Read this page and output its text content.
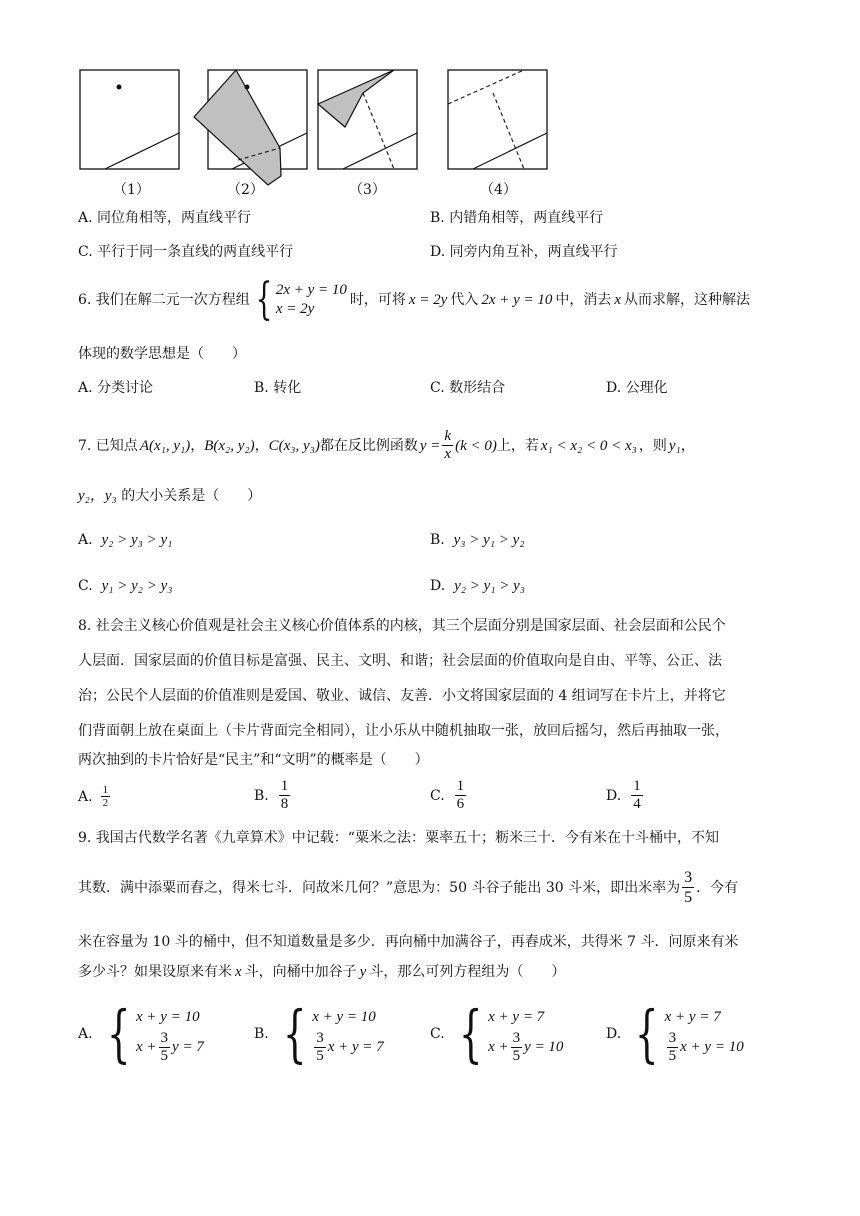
（1）	（2）	（3）	（4）
A. 同位角相等，两直线平行	B. 内错角相等，两直线平行
C. 平行于同一条直线的两直线平行	D. 同旁内角互补，两直线平行
6. 我们在解二元一次方程组 { 2x + y = 10
x = 2y
时，可将 x = 2y 代入 2x + y = 10 中，消去 x 从而求解，这种解法
体现的数学思想是（　　）
A. 分类讨论	B. 转化	C. 数形结合	D. 公理化
7. 已知点 A(x₁, y₁) ， B(x₂, y₂) ， C(x₃, y₃) 都在反比例函数 $y = \frac{k}{x} (k < 0)$ 上，若 x₁ < x₂ < 0 < x₃ ，则 y₁ ，
y₂，y₃ 的大小关系是（　　）
A.  y₂ > y₃ > y₁	B.  y₃ > y₁ > y₂
C.  y₁ > y₂ > y₃	D.  y₂ > y₁ > y₃
8. 社会主义核心价值观是社会主义核心价值体系的内核，其三个层面分别是国家层面、社会层面和公民个
人层面．国家层面的价值目标是富强、民主、文明、和谐；社会层面的价值取向是自由、平等、公正、法
治；公民个人层面的价值准则是爱国、敬业、诚信、友善．小文将国家层面的 4 组词写在卡片上，并将它
们背面朝上放在桌面上（卡片背面完全相同），让小乐从中随机抽取一张，放回后摇匀，然后再抽取一张，
两次抽到的卡片恰好是“民主”和“文明”的概率是（　　）
A. $\frac{1}{2}$	B. $\frac{1}{8}$	C. $\frac{1}{6}$	D. $\frac{1}{4}$
9. 我国古代数学名著《九章算术》中记载：“粟米之法：粟率五十；粝米三十．今有米在十斗桶中，不知
其数．满中添粟而舂之，得米七斗．问故米几何？”意思为：50 斗谷子能出 30 斗米，即出米率为 $\frac{3}{5}$ ．今有
米在容量为 10 斗的桶中，但不知道数量是多少．再向桶中加满谷子，再舂成米，共得米 7 斗．问原来有米
多少斗？如果设原来有米 x 斗，向桶中加谷子 y 斗，那么可列方程组为（　　）
A. { x + y = 10
$x + \frac{3}{5}$ y = 7
B. { x + y = 10
$\frac{3}{5}$ x + y = 7
C. { x + y = 7
$x + \frac{3}{5}$ y = 10
D. { x + y = 7
$\frac{3}{5}$ x + y = 10
